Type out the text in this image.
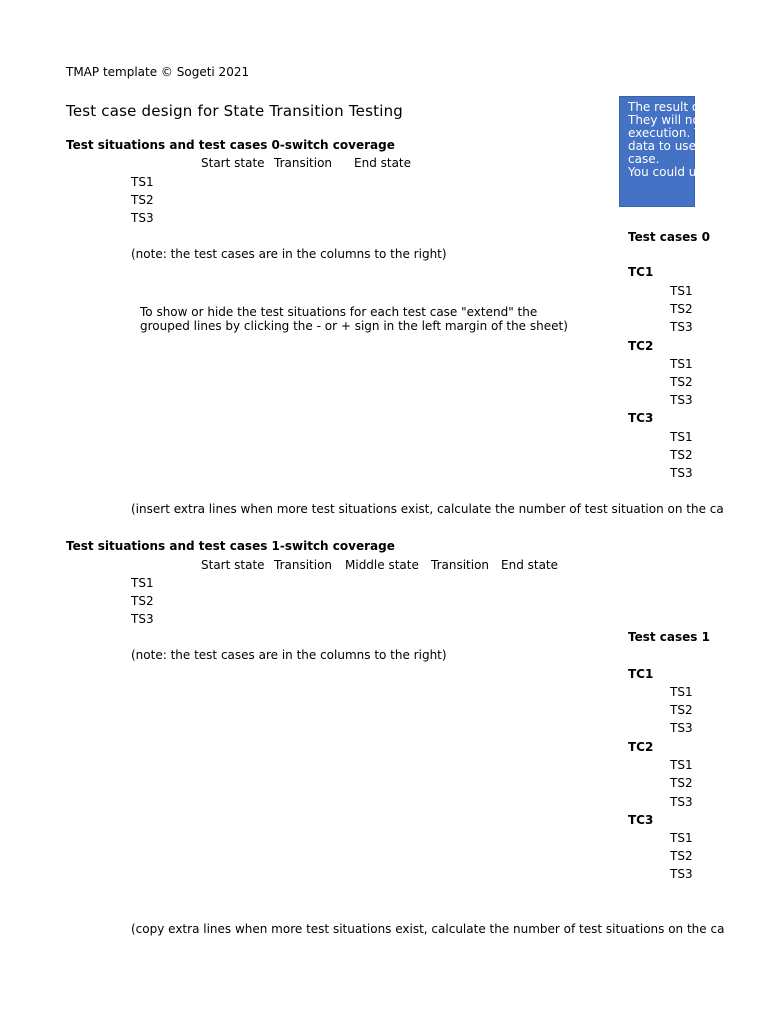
TMAP template © Sogeti 2021
Test case design for State Transition Testing
Test situations and test cases 0-switch coverage
Start state Transition End state
TS1
TS2
TS3
(note: the test cases are in the columns to the right)
To show or hide the test situations for each test case "extend" the
grouped lines by clicking the - or + sign in the left margin of the sheet)
(insert extra lines when more test situations exist, calculate the number of test situation on the ca
Test cases 0
TC1
TS1
TS2
TS3
TC2
TS1
TS2
TS3
TC3
TS1
TS2
TS3
Test situations and test cases 1-switch coverage
Start state Transition Middle state Transition End state
TS1
TS2
TS3
(note: the test cases are in the columns to the right)
(copy extra lines when more test situations exist, calculate the number of test situations on the ca
Test cases 1
TC1
TS1
TS2
TS3
TC2
TS1
TS2
TS3
TC3
TS1
TS2
TS3
The result o
They will no
execution. T
data to use
case.
You could u
